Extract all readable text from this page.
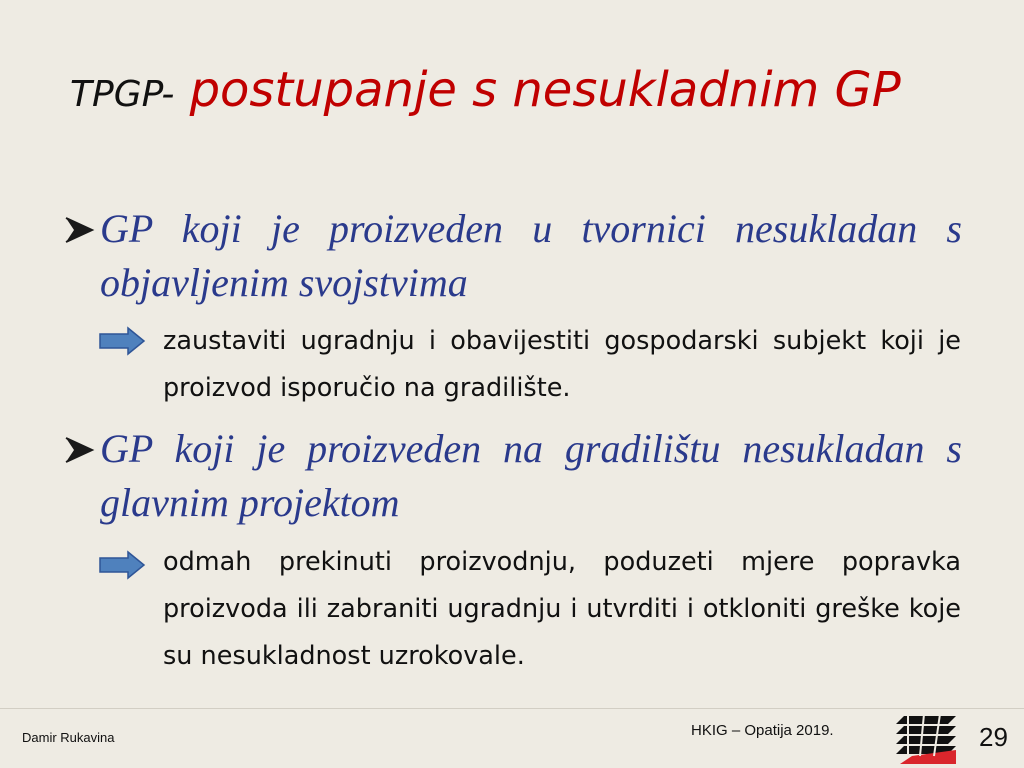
TPGP- postupanje s nesukladnim GP
GP koji je proizveden u tvornici nesukladan s objavljenim svojstvima
zaustaviti ugradnju i obavijestiti gospodarski subjekt koji je proizvod isporučio na gradilište.
GP koji je proizveden na gradilištu nesukladan s glavnim projektom
odmah prekinuti proizvodnju, poduzeti mjere popravka proizvoda ili zabraniti ugradnju i utvrditi i otkloniti greške koje su nesukladnost uzrokovale.
Damir Rukavina	HKIG – Opatija 2019.	29
